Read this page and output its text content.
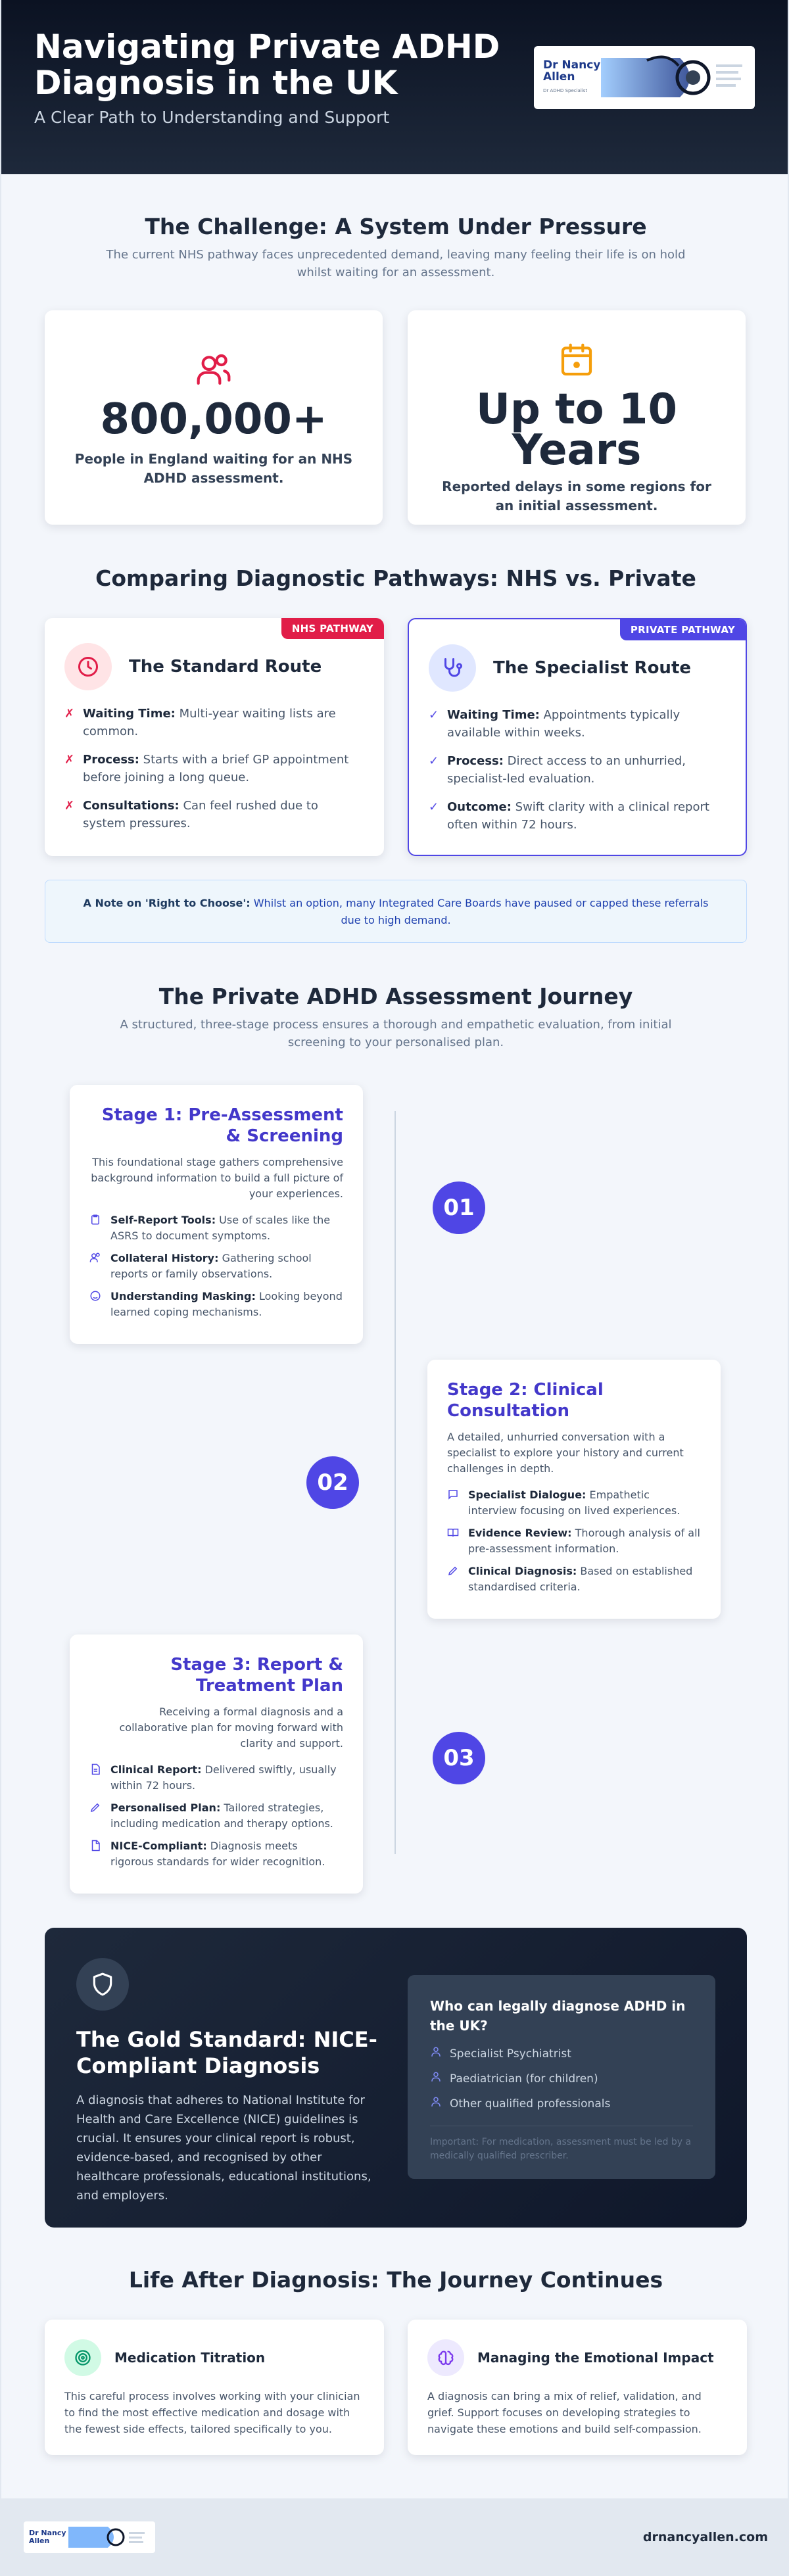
Navigating Private ADHD Diagnosis in the UK
A Clear Path to Understanding and Support
Dr Nancy Allen
Dr ADHD Specialist
The Challenge: A System Under Pressure

The current NHS pathway faces unprecedented demand, leaving many feeling their life is on hold whilst waiting for an assessment.

800,000+
People in England waiting for an NHS ADHD assessment.
Up to 10 Years
Reported delays in some regions for an initial assessment.
Comparing Diagnostic Pathways: NHS vs. Private
NHS PATHWAY
The Standard Route
✗ Waiting Time: Multi-year waiting lists are common.
✗ Process: Starts with a brief GP appointment before joining a long queue.
✗ Consultations: Can feel rushed due to system pressures.
PRIVATE PATHWAY
The Specialist Route
✓ Waiting Time: Appointments typically available within weeks.
✓ Process: Direct access to an unhurried, specialist-led evaluation.
✓ Outcome: Swift clarity with a clinical report often within 72 hours.
A Note on 'Right to Choose': Whilst an option, many Integrated Care Boards have paused or capped these referrals due to high demand.
The Private ADHD Assessment Journey

A structured, three-stage process ensures a thorough and empathetic evaluation, from initial screening to your personalised plan.

Stage 1: Pre-Assessment & Screening

This foundational stage gathers comprehensive background information to build a full picture of your experiences.

Self-Report Tools: Use of scales like the ASRS to document symptoms.
Collateral History: Gathering school reports or family observations.
Understanding Masking: Looking beyond learned coping mechanisms.
01
Stage 2: Clinical Consultation

A detailed, unhurried conversation with a specialist to explore your history and current challenges in depth.

Specialist Dialogue: Empathetic interview focusing on lived experiences.
Evidence Review: Thorough analysis of all pre-assessment information.
Clinical Diagnosis: Based on established standardised criteria.
02
Stage 3: Report & Treatment Plan

Receiving a formal diagnosis and a collaborative plan for moving forward with clarity and support.

Clinical Report: Delivered swiftly, usually within 72 hours.
Personalised Plan: Tailored strategies, including medication and therapy options.
NICE-Compliant: Diagnosis meets rigorous standards for wider recognition.
03
The Gold Standard: NICE-Compliant Diagnosis

A diagnosis that adheres to National Institute for Health and Care Excellence (NICE) guidelines is crucial. It ensures your clinical report is robust, evidence-based, and recognised by other healthcare professionals, educational institutions, and employers.

Who can legally diagnose ADHD in the UK?
Specialist Psychiatrist
Paediatrician (for children)
Other qualified professionals
Important: For medication, assessment must be led by a medically qualified prescriber.
Life After Diagnosis: The Journey Continues
Medication Titration

This careful process involves working with your clinician to find the most effective medication and dosage with the fewest side effects, tailored specifically to you.

Managing the Emotional Impact

A diagnosis can bring a mix of relief, validation, and grief. Support focuses on developing strategies to navigate these emotions and build self-compassion.

Dr Nancy Allen	drnancyallen.com
